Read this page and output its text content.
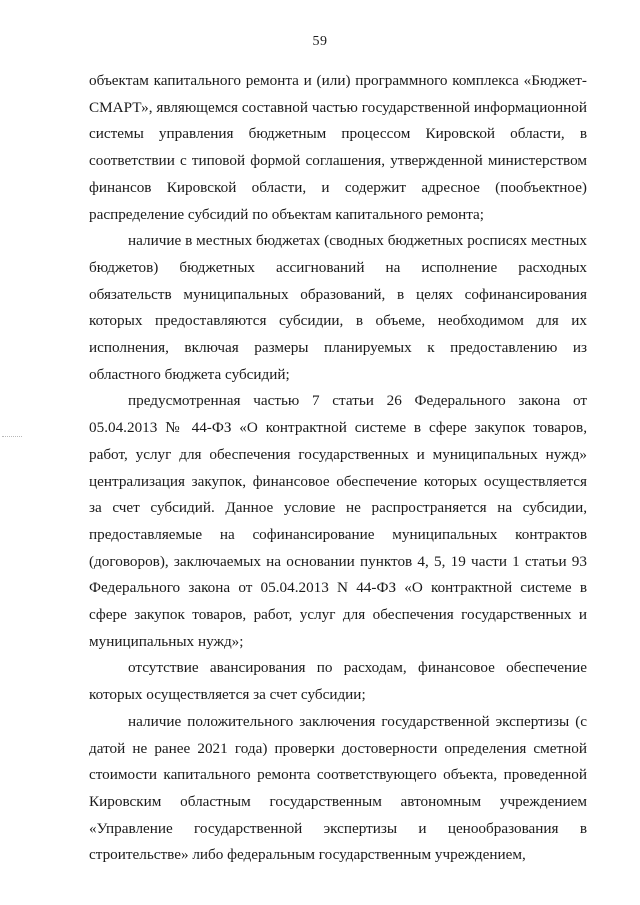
59

объектам капитального ремонта и (или) программного комплекса «Бюджет-СМАРТ», являющемся составной частью государственной информационной системы управления бюджетным процессом Кировской области, в соответствии с типовой формой соглашения, утвержденной министерством финансов Кировской области, и содержит адресное (пообъектное) распределение субсидий по объектам капитального ремонта;

наличие в местных бюджетах (сводных бюджетных росписях местных бюджетов) бюджетных ассигнований на исполнение расходных обязательств муниципальных образований, в целях софинансирования которых предоставляются субсидии, в объеме, необходимом для их исполнения, включая размеры планируемых к предоставлению из областного бюджета субсидий;

предусмотренная частью 7 статьи 26 Федерального закона от 05.04.2013 № 44-ФЗ «О контрактной системе в сфере закупок товаров, работ, услуг для обеспечения государственных и муниципальных нужд» централизация закупок, финансовое обеспечение которых осуществляется за счет субсидий. Данное условие не распространяется на субсидии, предоставляемые на софинансирование муниципальных контрактов (договоров), заключаемых на основании пунктов 4, 5, 19 части 1 статьи 93 Федерального закона от 05.04.2013 N 44-ФЗ «О контрактной системе в сфере закупок товаров, работ, услуг для обеспечения государственных и муниципальных нужд»;

отсутствие авансирования по расходам, финансовое обеспечение которых осуществляется за счет субсидии;

наличие положительного заключения государственной экспертизы (с датой не ранее 2021 года) проверки достоверности определения сметной стоимости капитального ремонта соответствующего объекта, проведенной Кировским областным государственным автономным учреждением «Управление государственной экспертизы и ценообразования в строительстве» либо федеральным государственным учреждением,
